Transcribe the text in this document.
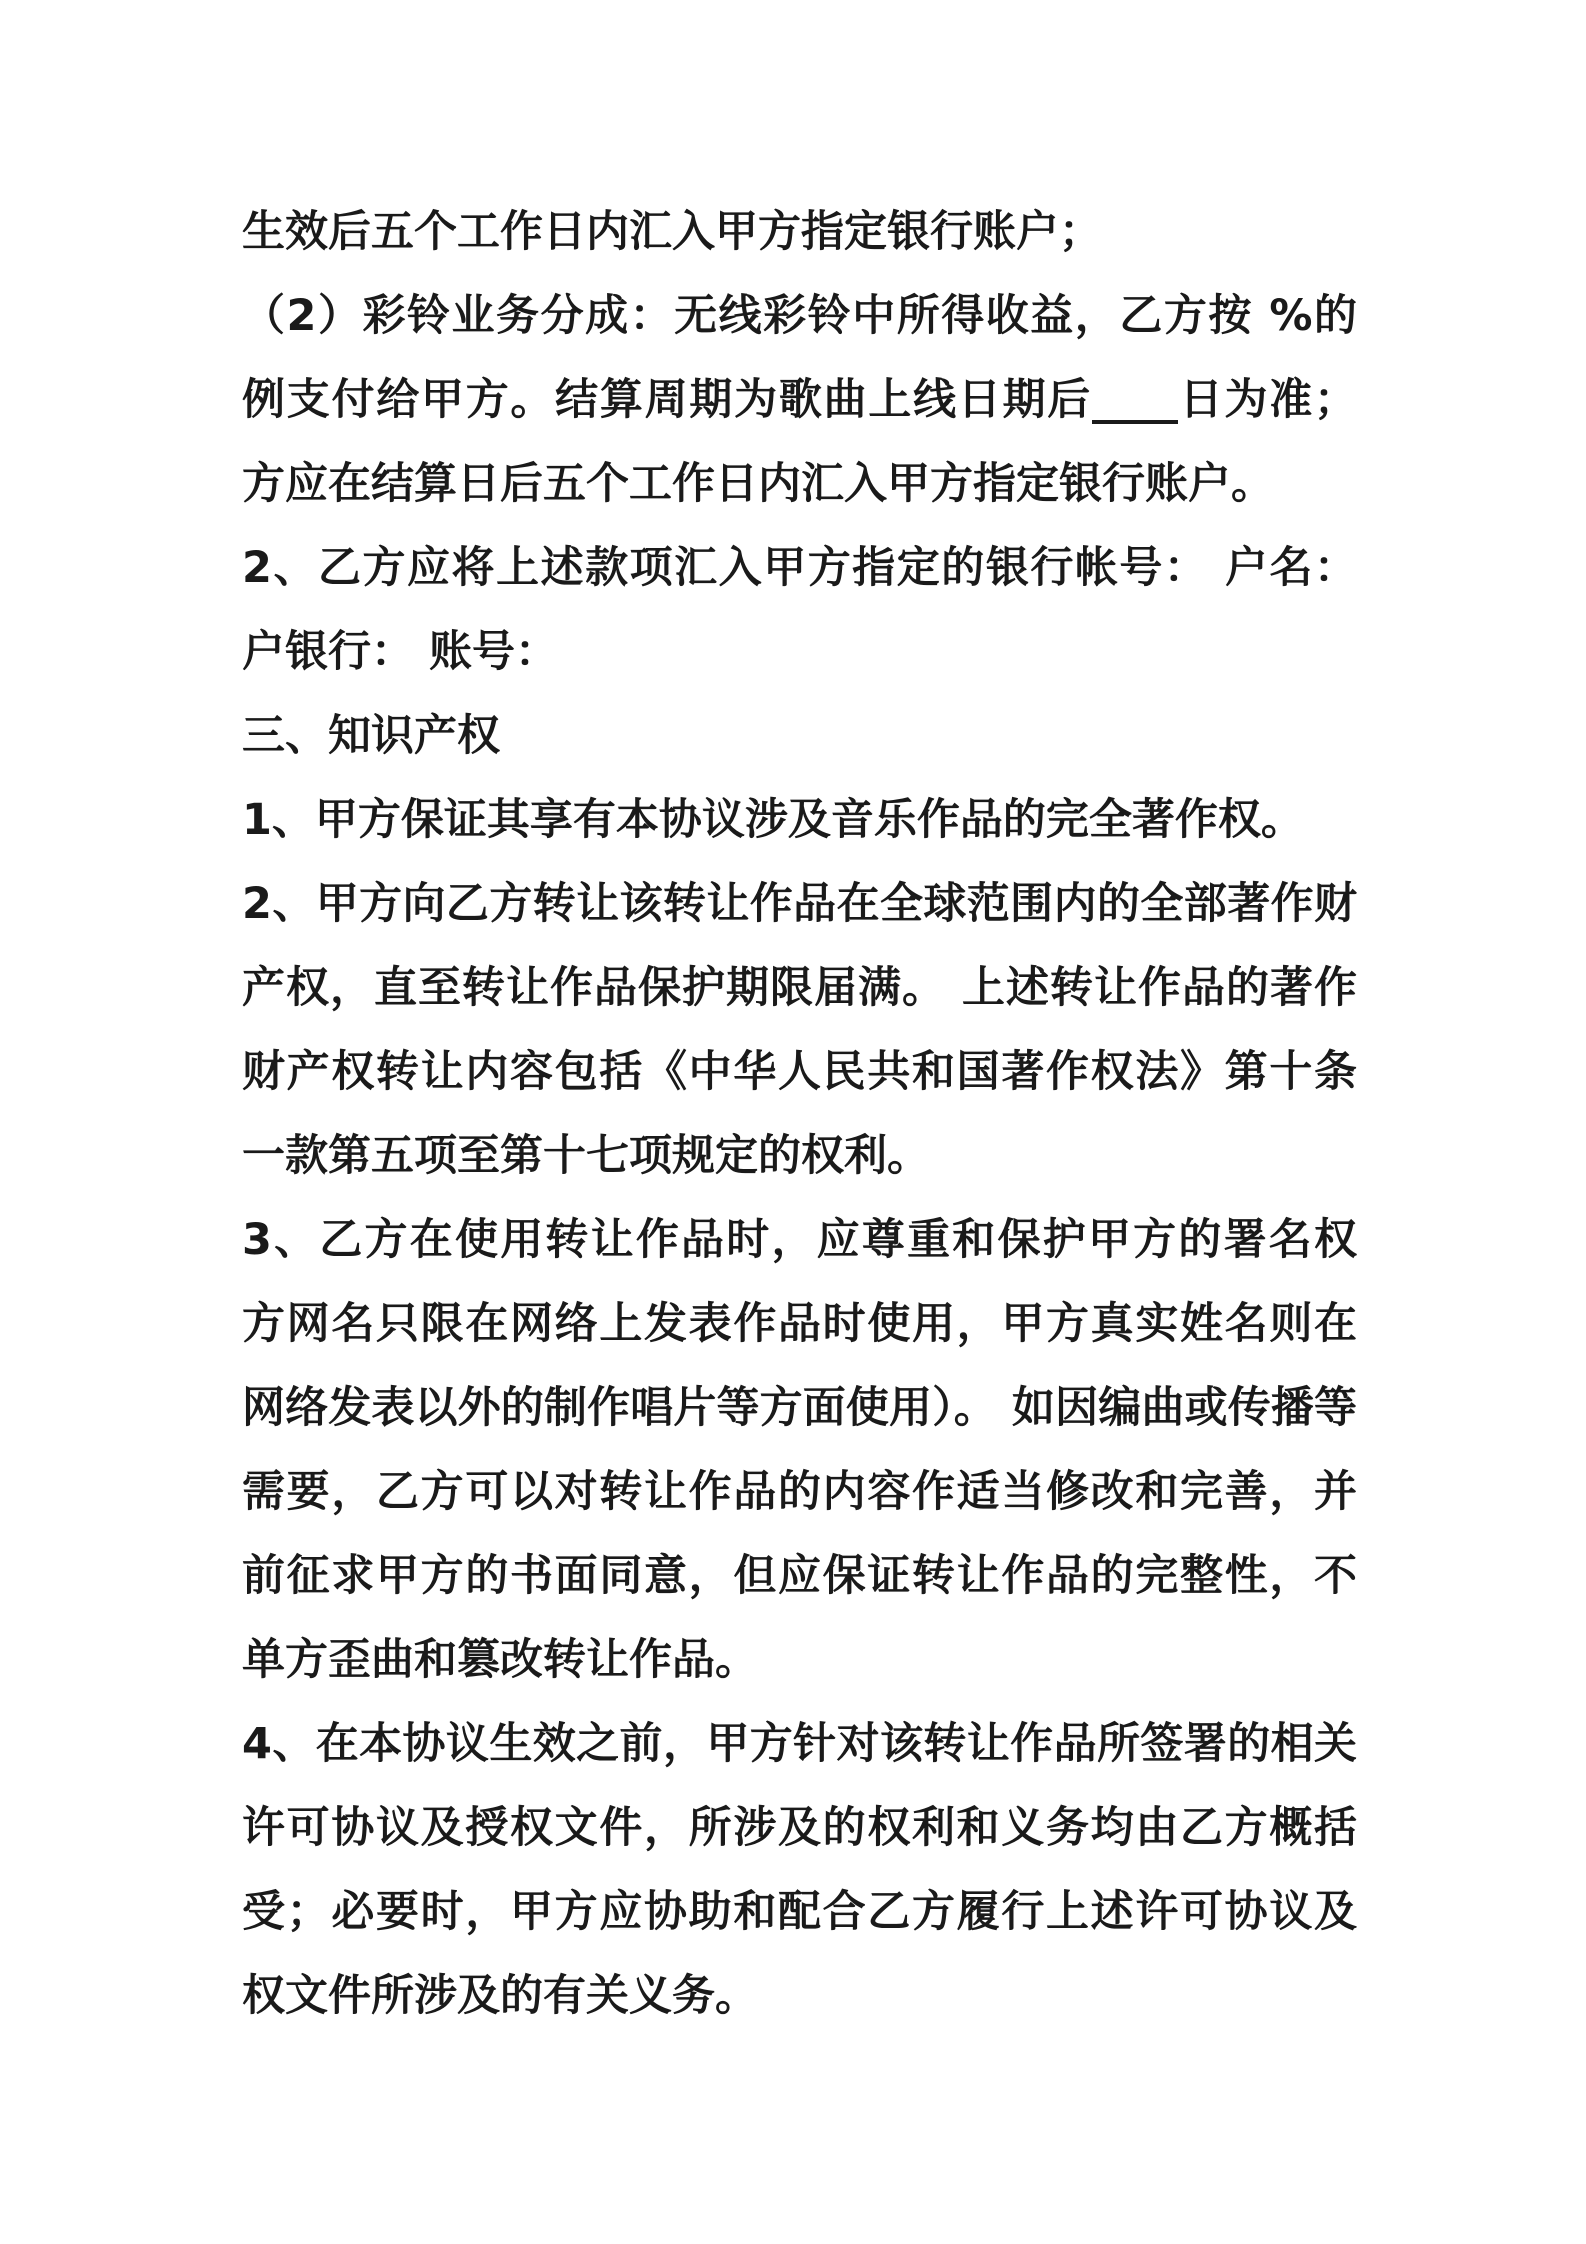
生效后五个工作日内汇入甲方指定银行账户；
（2）彩铃业务分成：无线彩铃中所得收益，乙方按 %的
例支付给甲方。结算周期为歌曲上线日期后____日为准；
方应在结算日后五个工作日内汇入甲方指定银行账户。
2、乙方应将上述款项汇入甲方指定的银行帐号： 户名：
户银行： 账号：
三、知识产权
1、甲方保证其享有本协议涉及音乐作品的完全著作权。
2、甲方向乙方转让该转让作品在全球范围内的全部著作财
产权，直至转让作品保护期限届满。 上述转让作品的著作
财产权转让内容包括《中华人民共和国著作权法》第十条
一款第五项至第十七项规定的权利。
3、乙方在使用转让作品时，应尊重和保护甲方的署名权
方网名只限在网络上发表作品时使用，甲方真实姓名则在
网络发表以外的制作唱片等方面使用）。 如因编曲或传播等
需要，乙方可以对转让作品的内容作适当修改和完善，并
前征求甲方的书面同意，但应保证转让作品的完整性，不
单方歪曲和篡改转让作品。
4、在本协议生效之前，甲方针对该转让作品所签署的相关
许可协议及授权文件，所涉及的权利和义务均由乙方概括
受；必要时，甲方应协助和配合乙方履行上述许可协议及
权文件所涉及的有关义务。
